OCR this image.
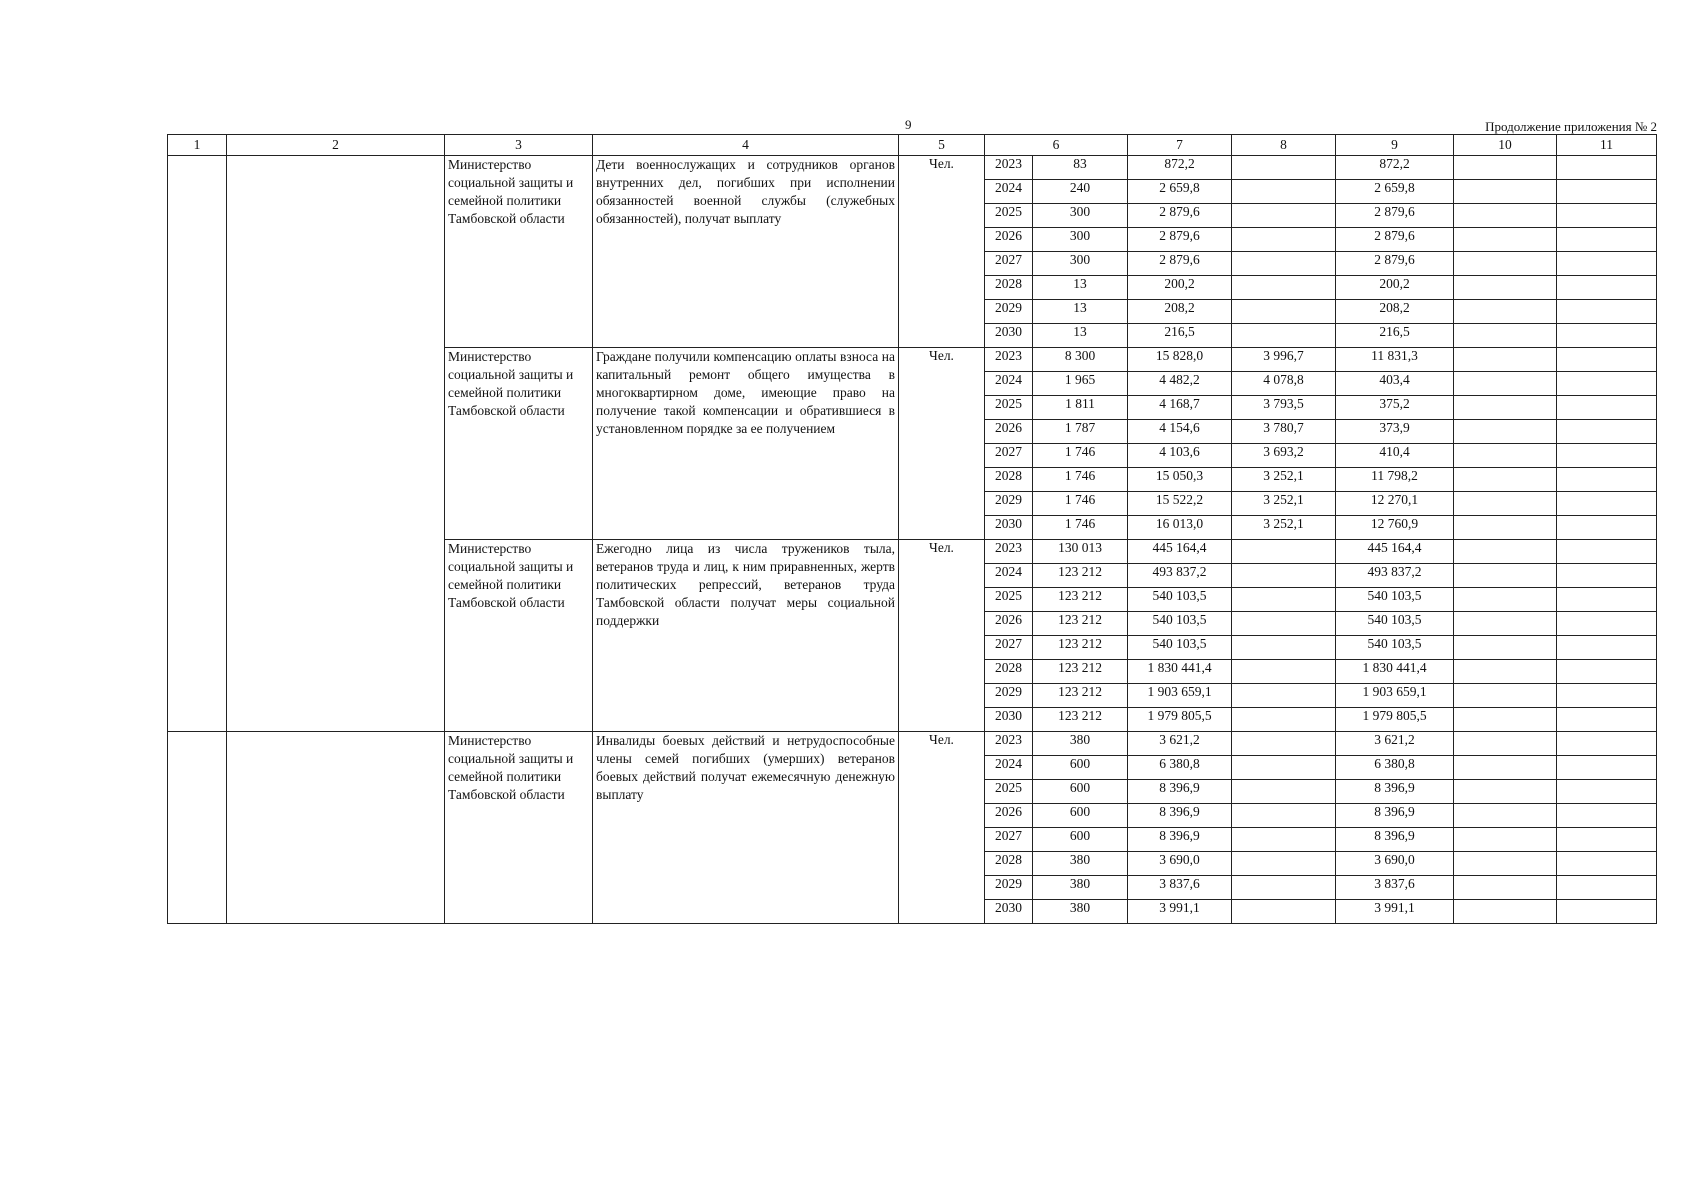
9	Продолжение приложения № 2
1	2	3	4	5	6		7	8	9	10	11
		Министерство социальной защиты и семейной политики Тамбовской области	Дети военнослужащих и сотрудников органов внутренних дел, погибших при исполнении обязанностей военной службы (служебных обязанностей), получат выплату	Чел.	2023	83	872,2		872,2		
					2024	240	2 659,8		2 659,8		
					2025	300	2 879,6		2 879,6		
					2026	300	2 879,6		2 879,6		
					2027	300	2 879,6		2 879,6		
					2028	13	200,2		200,2		
					2029	13	208,2		208,2		
					2030	13	216,5		216,5		
		Министерство социальной защиты и семейной политики Тамбовской области	Граждане получили компенсацию оплаты взноса на капитальный ремонт общего имущества в многоквартирном доме, имеющие право на получение такой компенсации и обратившиеся в установленном порядке за ее получением	Чел.	2023	8 300	15 828,0	3 996,7	11 831,3		
					2024	1 965	4 482,2	4 078,8	403,4		
					2025	1 811	4 168,7	3 793,5	375,2		
					2026	1 787	4 154,6	3 780,7	373,9		
					2027	1 746	4 103,6	3 693,2	410,4		
					2028	1 746	15 050,3	3 252,1	11 798,2		
					2029	1 746	15 522,2	3 252,1	12 270,1		
					2030	1 746	16 013,0	3 252,1	12 760,9		
		Министерство социальной защиты и семейной политики Тамбовской области	Ежегодно лица из числа тружеников тыла, ветеранов труда и лиц, к ним приравненных, жертв политических репрессий, ветеранов труда Тамбовской области получат меры социальной поддержки	Чел.	2023	130 013	445 164,4		445 164,4		
					2024	123 212	493 837,2		493 837,2		
					2025	123 212	540 103,5		540 103,5		
					2026	123 212	540 103,5		540 103,5		
					2027	123 212	540 103,5		540 103,5		
					2028	123 212	1 830 441,4		1 830 441,4		
					2029	123 212	1 903 659,1		1 903 659,1		
					2030	123 212	1 979 805,5		1 979 805,5		
		Министерство социальной защиты и семейной политики Тамбовской области	Инвалиды боевых действий и нетрудоспособные члены семей погибших (умерших) ветеранов боевых действий получат ежемесячную денежную выплату	Чел.	2023	380	3 621,2		3 621,2		
					2024	600	6 380,8		6 380,8		
					2025	600	8 396,9		8 396,9		
					2026	600	8 396,9		8 396,9		
					2027	600	8 396,9		8 396,9		
					2028	380	3 690,0		3 690,0		
					2029	380	3 837,6		3 837,6		
					2030	380	3 991,1		3 991,1		
